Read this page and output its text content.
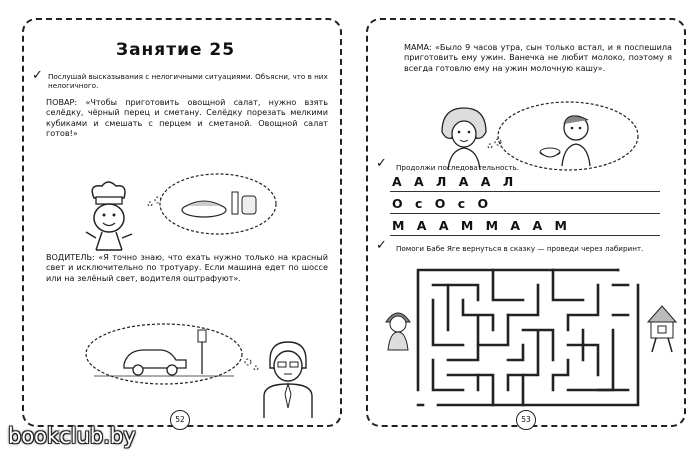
Занятие 25
✓ Послушай высказывания с нелогичными ситуациями. Объясни, что в них нелогичного.
ПОВАР: «Чтобы приготовить овощной салат, нужно взять селёдку, чёрный перец и сметану. Селёдку порезать мелкими кубиками и смешать с перцем и сметаной. Овощной салат готов!»
ВОДИТЕЛЬ: «Я точно знаю, что ехать нужно только на красный свет и исключительно по тротуару. Если машина едет по шоссе или на зелёный свет, водителя оштрафуют».
52
МАМА: «Было 9 часов утра, сын только встал, и я поспешила приготовить ему ужин. Ванечка не любит молоко, поэтому я всегда готовлю ему на ужин молочную кашу».
✓ Продолжи последовательность.
А А Л А А Л
О с О с О
М А А М М А А М
✓ Помоги Бабе Яге вернуться в сказку — проведи через лабиринт.
53
bookclub.by
